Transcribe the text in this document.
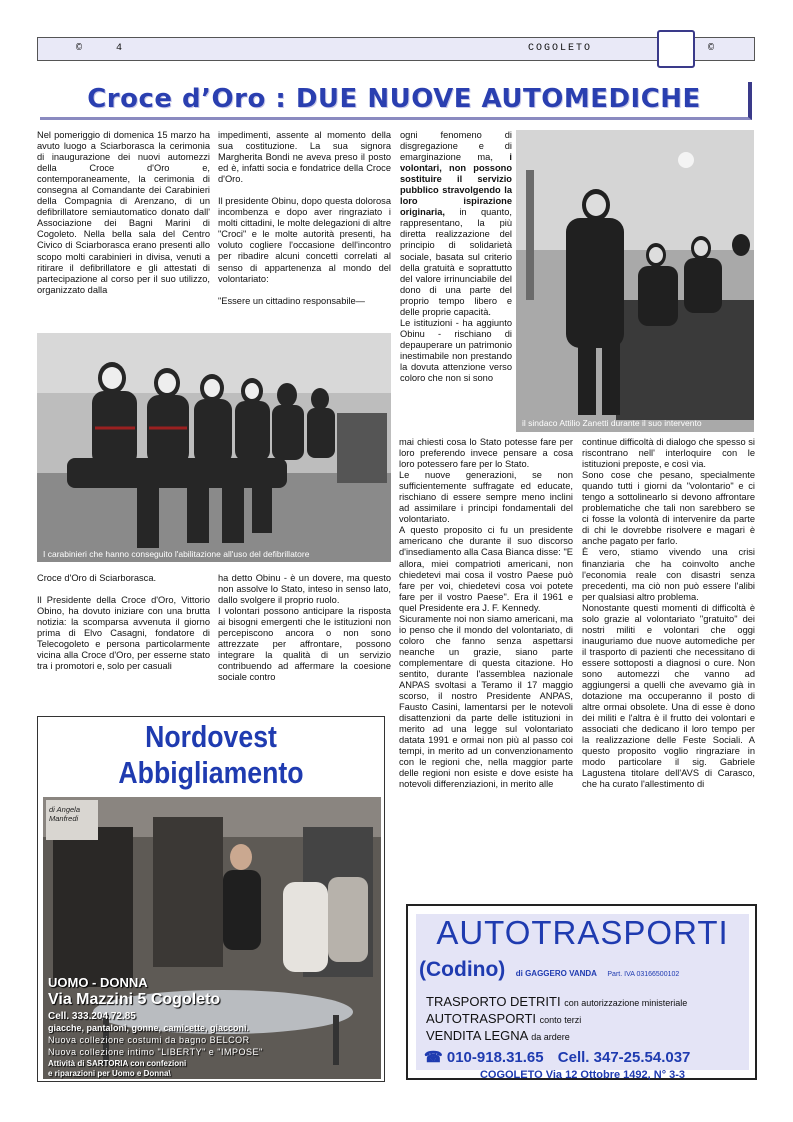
©	4	COGOLETO	©
Croce d’Oro : DUE NUOVE AUTOMEDICHE

Nel pomeriggio di domenica 15 marzo ha avuto luogo a Sciarborasca la cerimonia di inaugurazione dei nuovi automezzi della Croce d'Oro e, contemporaneamente, la cerimonia di consegna al Comandante dei Carabinieri della Compagnia di Arenzano, di un defibrillatore semiautomatico donato dall' Associazione dei Bagni Marini di Cogoleto. Nella bella sala del Centro Civico di Sciarborasca erano presenti allo scopo molti carabinieri in divisa, venuti a ritirare il defibrillatore e gli attestati di partecipazione al corso per il suo utilizzo, organizzato dalla

impedimenti, assente al momento della sua costituzione. La sua signora Margherita Bondi ne aveva preso il posto ed è, infatti socia e fondatrice della Croce d'Oro.

Il presidente Obinu, dopo questa dolorosa incombenza e dopo aver ringraziato i molti cittadini, le molte delegazioni di altre "Croci" e le molte autorità presenti, ha voluto cogliere l'occasione dell'incontro per ribadire alcuni concetti correlati al senso di appartenenza al mondo del volontariato:

"Essere un cittadino responsabile—

ogni fenomeno di disgregazione e di emarginazione ma, i volontari, non possono sostituire il servizio pubblico stravolgendo la loro ispirazione originaria, in quanto, rappresentano, la più diretta realizzazione del principio di solidarietà sociale, basata sul criterio della gratuità e soprattutto del valore irrinunciabile del dono di una parte del proprio tempo libero e delle proprie capacità.

Le istituzioni - ha aggiunto Obinu - rischiano di depauperare un patrimonio inestimabile non prestando la dovuta attenzione verso coloro che non si sono

I carabinieri che hanno conseguito l'abilitazione all'uso del defibrillatore
il sindaco Attilio Zanetti durante il suo intervento

Croce d'Oro di Sciarborasca.

Il Presidente della Croce d'Oro, Vittorio Obino, ha dovuto iniziare con una brutta notizia: la scomparsa avvenuta il giorno prima di Elvo Casagni, fondatore di Telecogoleto e persona particolarmente vicina alla Croce d'Oro, per esserne stato tra i promotori e, solo per casuali

ha detto Obinu - è un dovere, ma questo non assolve lo Stato, inteso in senso lato, dallo svolgere il proprio ruolo.

I volontari possono anticipare la risposta ai bisogni emergenti che le istituzioni non percepiscono ancora o non sono attrezzate per affrontare, possono integrare la qualità di un servizio contribuendo ad affermare la coesione sociale contro

mai chiesti cosa lo Stato potesse fare per loro preferendo invece pensare a cosa loro potessero fare per lo Stato.

Le nuove generazioni, se non sufficientemente suffragate ed educate, rischiano di essere sempre meno inclini ad assimilare i principi fondamentali del volontariato.

A questo proposito ci fu un presidente americano che durante il suo discorso d'insediamento alla Casa Bianca disse: "E allora, miei compatrioti americani, non chiedetevi mai cosa il vostro Paese può fare per voi, chiedetevi cosa voi potete fare per il vostro Paese". Era il 1961 e quel Presidente era J. F. Kennedy.

Sicuramente noi non siamo americani, ma io penso che il mondo del volontariato, di coloro che fanno senza aspettarsi neanche un grazie, siano parte complementare di questa citazione. Ho sentito, durante l'assemblea nazionale ANPAS svoltasi a Teramo il 17 maggio scorso, il nostro Presidente ANPAS, Fausto Casini, lamentarsi per le notevoli disattenzioni da parte delle istituzioni in merito ad una legge sul volontariato datata 1991 e ormai non più al passo coi tempi, in merito ad un convenzionamento con le regioni che, nella maggior parte delle regioni non esiste e dove esiste ha notevoli differenziazioni, in merito alle

continue difficoltà di dialogo che spesso si riscontrano nell' interloquire con le istituzioni preposte, e così via.

Sono cose che pesano, specialmente quando tutti i giorni da "volontario" e ci tengo a sottolinearlo si devono affrontare problematiche che tali non sarebbero se ci fosse la volontà di intervenire da parte di chi le dovrebbe risolvere e magari è anche pagato per farlo.

È vero, stiamo vivendo una crisi finanziaria che ha coinvolto anche l'economia reale con disastri senza precedenti, ma ciò non può essere l'alibi per qualsiasi altro problema.

Nonostante questi momenti di difficoltà è solo grazie al volontariato "gratuito" dei nostri militi e volontari che oggi inauguriamo due nuove automediche per il trasporto di pazienti che necessitano di essere sottoposti a diagnosi o cure. Non sono automezzi che vanno ad aggiungersi a quelli che avevamo già in dotazione ma occuperanno il posto di altre ormai obsolete. Una di esse è dono dei militi e l'altra è il frutto dei volontari e associati che dedicano il loro tempo per la realizzazione delle Feste Sociali. A questo proposito voglio ringraziare in modo particolare il sig. Gabriele Lagustena titolare dell'AVS di Carasco, che ha curato l'allestimento di

Nordovest
Abbigliamento
di Angela Manfredi
UOMO - DONNA
Via Mazzini 5 Cogoleto
Cell. 333.204.72.85
giacche, pantaloni, gonne, camicette, giacconi.
Nuova collezione costumi da bagno BELCOR
Nuova collezione intimo "LIBERTY" e "IMPOSE"
Attività di SARTORIA con confezioni
e riparazioni per Uomo e Donna\
AUTOTRASPORTI
(Codino) di GAGGERO VANDA Part. IVA 03166500102
TRASPORTO DETRITI con autorizzazione ministeriale
AUTOTRASPORTI conto terzi
VENDITA LEGNA da ardere
☎ 010-918.31.65 Cell. 347-25.54.037
COGOLETO Via 12 Ottobre 1492, N° 3-3
